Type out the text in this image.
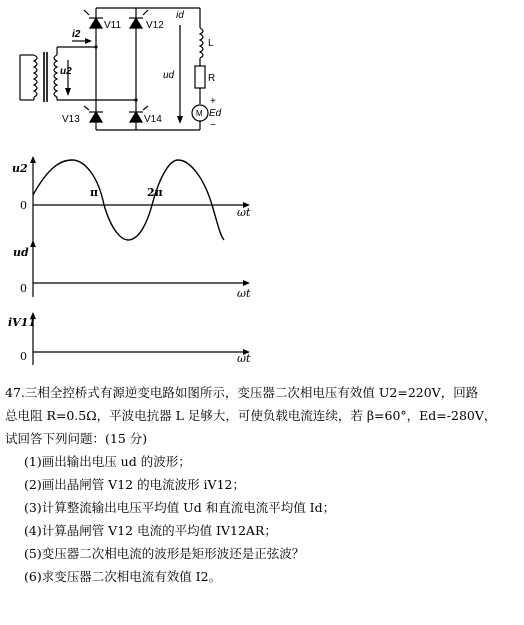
i2
u2
V11 V12
V13	V14
id
ud
L
R
M Ed
+
−
u2
0
π	2π
ωt
ud
0	ωt
iV11
0	ωt

47.三相全控桥式有源逆变电路如图所示，变压器二次相电压有效值 U2=220V，回路

总电阻 R=0.5Ω，平波电抗器 L 足够大，可使负载电流连续，若 β=60°，Ed=-280V，

试回答下列问题：(15 分)

(1)画出输出电压 ud 的波形；

(2)画出晶闸管 V12 的电流波形 iV12；

(3)计算整流输出电压平均值 Ud 和直流电流平均值 Id；

(4)计算晶闸管 V12 电流的平均值 IV12AR；

(5)变压器二次相电流的波形是矩形波还是正弦波？

(6)求变压器二次相电流有效值 I2。
